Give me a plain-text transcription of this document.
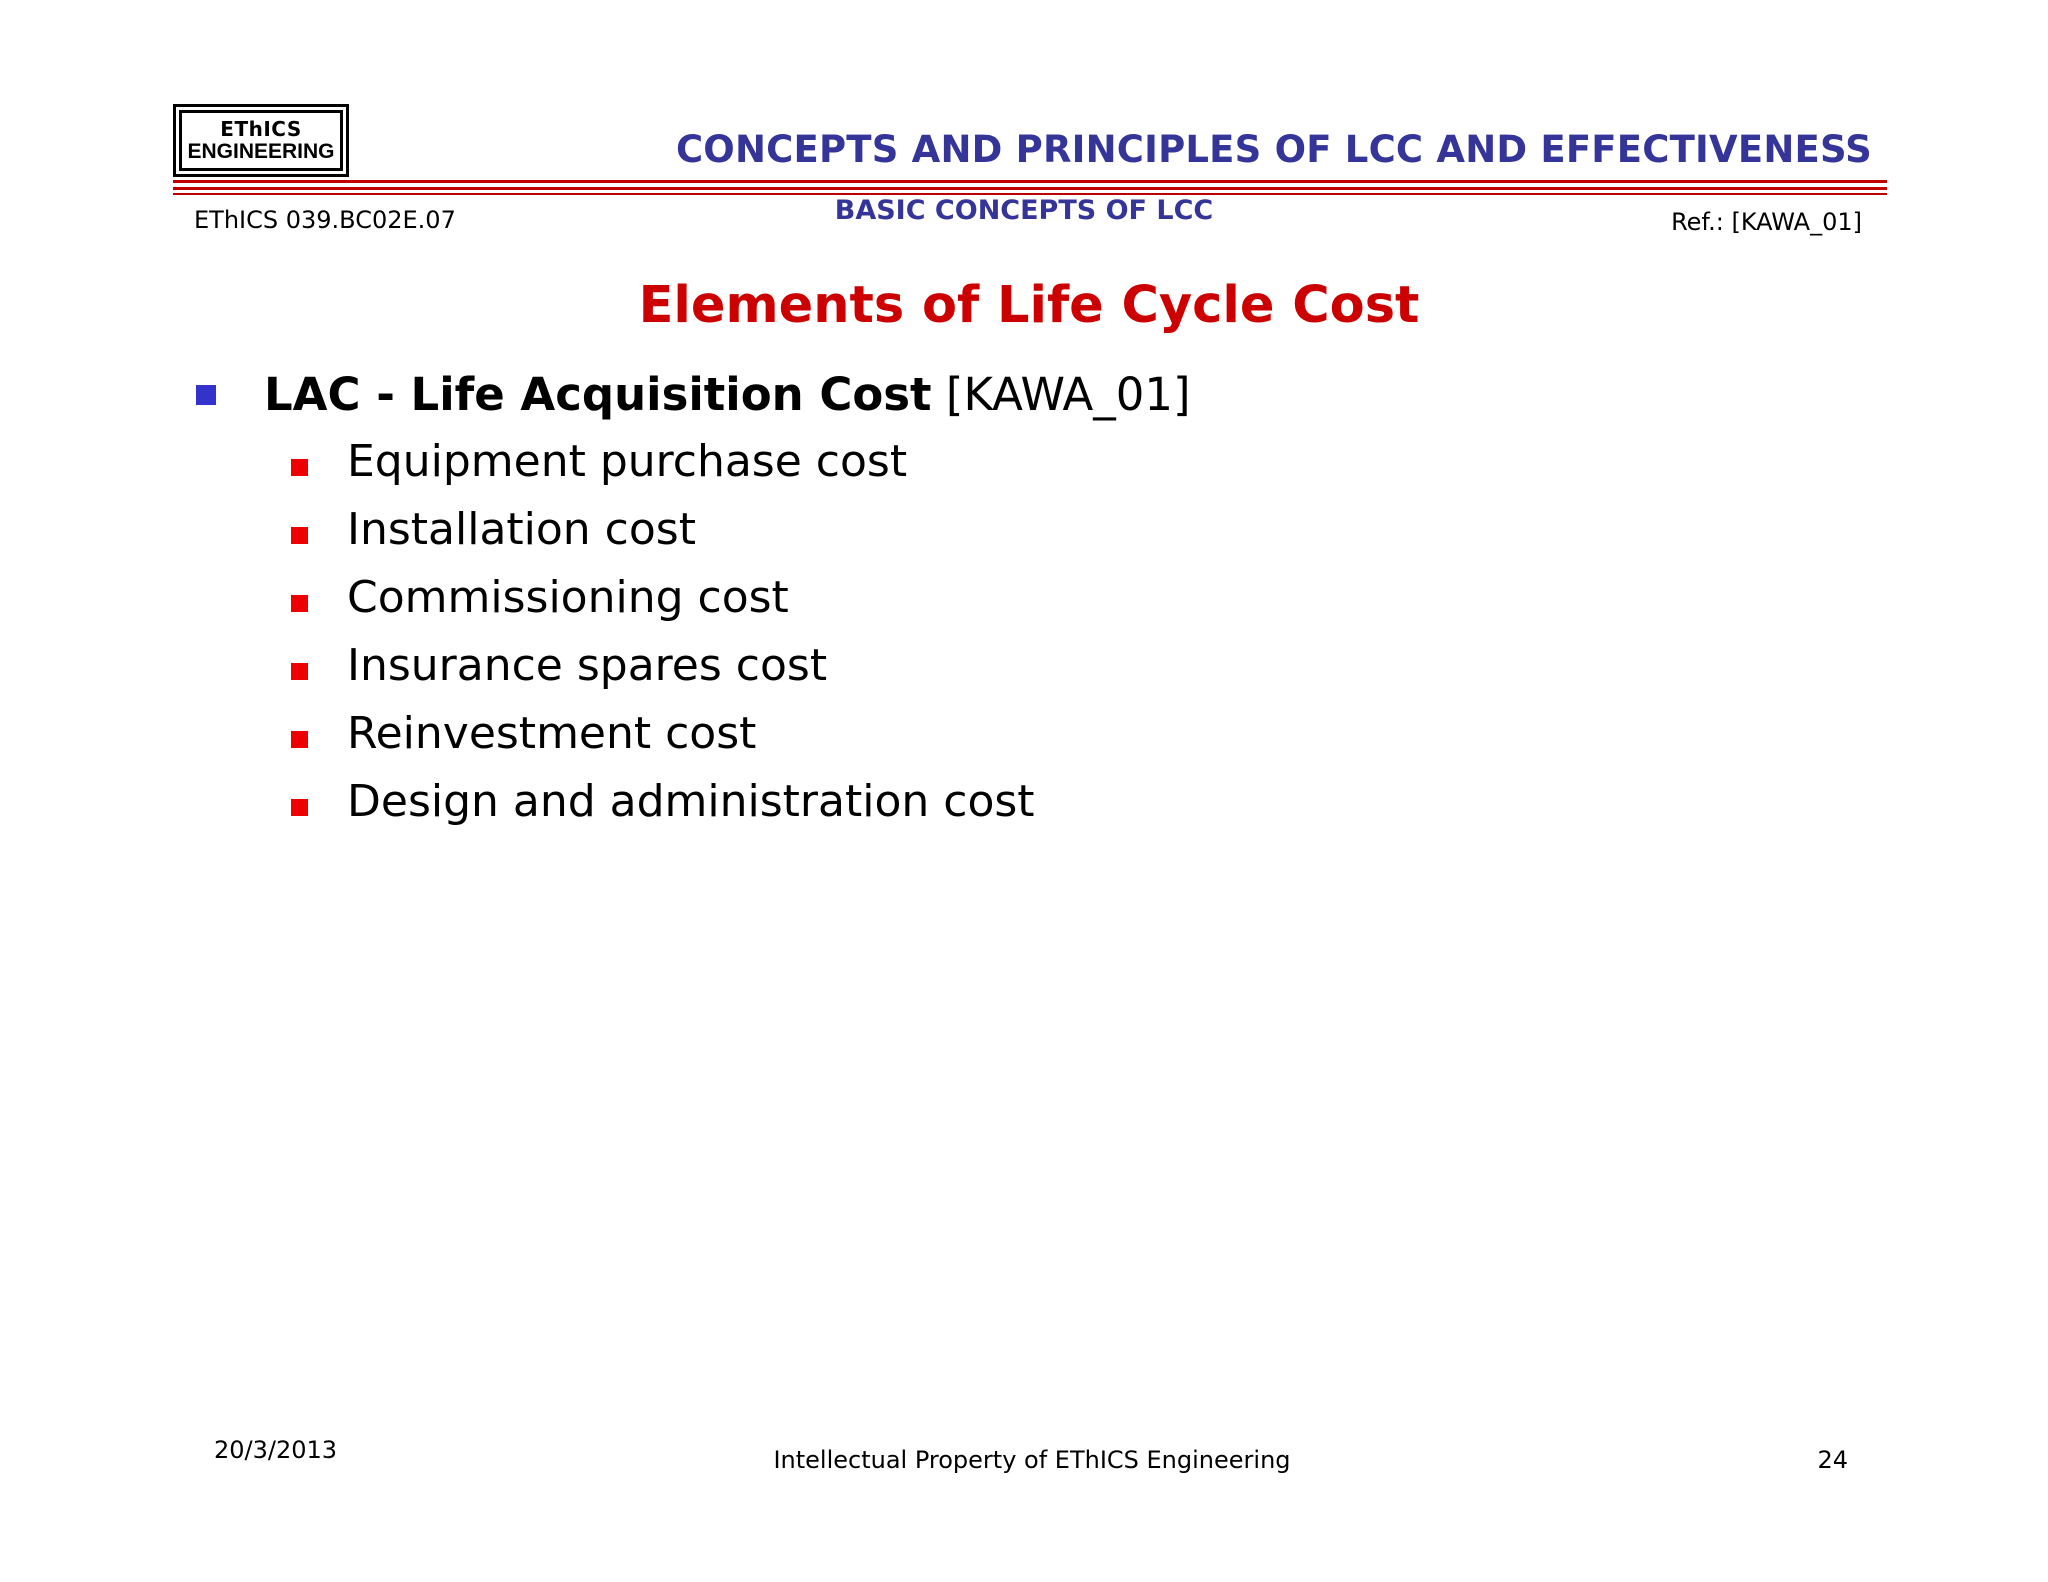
EThICS
ENGINEERING	CONCEPTS AND PRINCIPLES OF LCC AND EFFECTIVENESS
EThICS 039.BC02E.07	BASIC CONCEPTS OF LCC	Ref.: [KAWA_01]
Elements of Life Cycle Cost
LAC - Life Acquisition Cost [KAWA_01]
Equipment purchase cost
Installation cost
Commissioning cost
Insurance spares cost
Reinvestment cost
Design and administration cost
20/3/2013	Intellectual Property of EThICS Engineering	24
